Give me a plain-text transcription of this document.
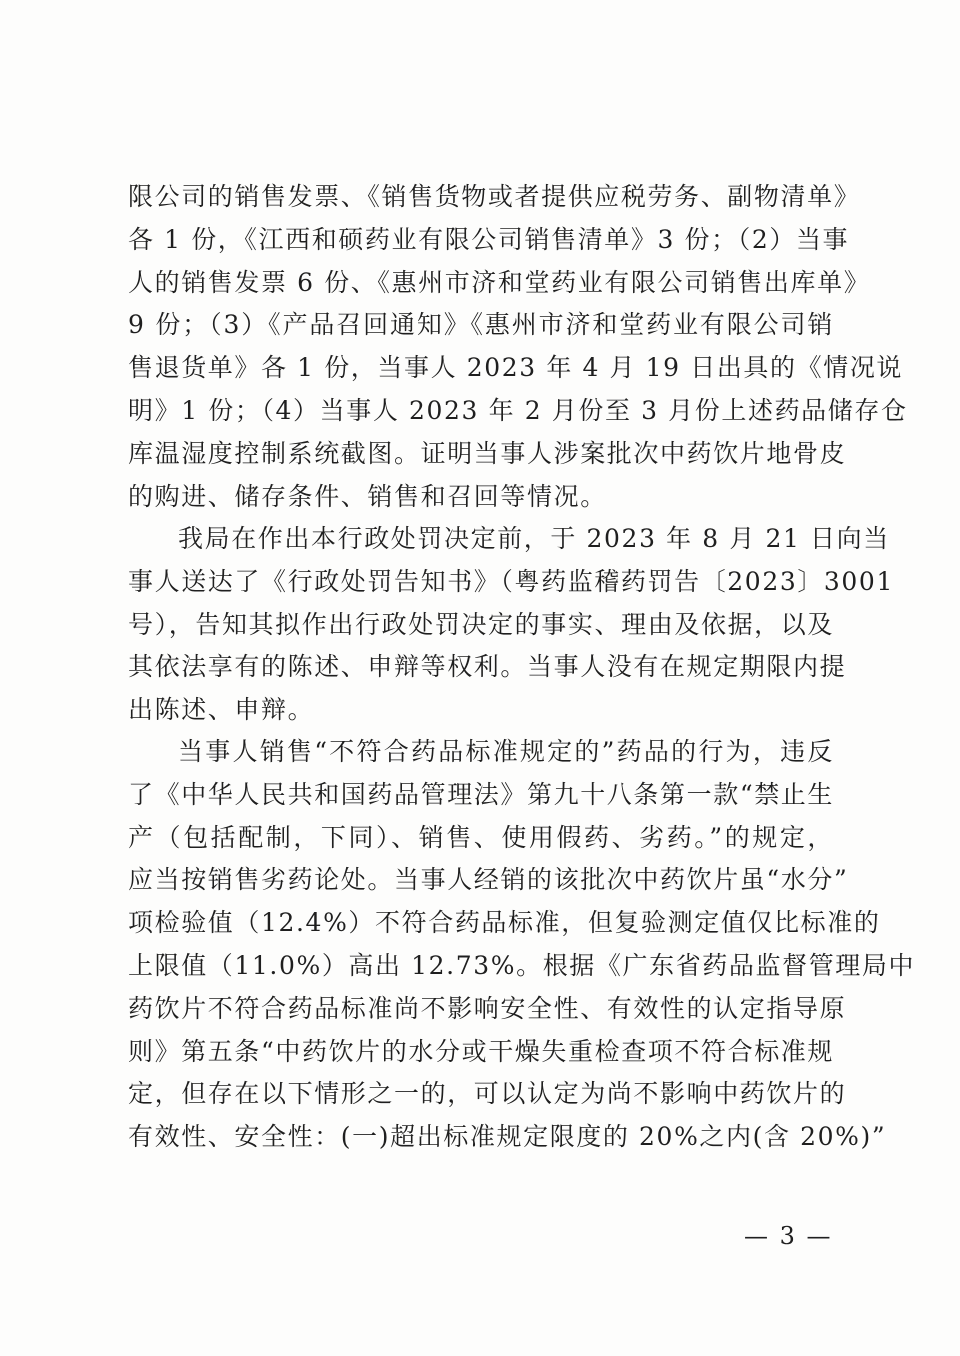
限公司的销售发票、《销售货物或者提供应税劳务、副物清单》
各 1 份，《江西和硕药业有限公司销售清单》3 份；（2）当事
人的销售发票 6 份、《惠州市济和堂药业有限公司销售出库单》
9 份；（3）《产品召回通知》《惠州市济和堂药业有限公司销
售退货单》各 1 份，当事人 2023 年 4 月 19 日出具的《情况说
明》1 份；（4）当事人 2023 年 2 月份至 3 月份上述药品储存仓
库温湿度控制系统截图。证明当事人涉案批次中药饮片地骨皮
的购进、储存条件、销售和召回等情况。
我局在作出本行政处罚决定前，于 2023 年 8 月 21 日向当
事人送达了《行政处罚告知书》（粤药监稽药罚告〔2023〕3001
号），告知其拟作出行政处罚决定的事实、理由及依据，以及
其依法享有的陈述、申辩等权利。当事人没有在规定期限内提
出陈述、申辩。
当事人销售“不符合药品标准规定的”药品的行为，违反
了《中华人民共和国药品管理法》第九十八条第一款“禁止生
产（包括配制，下同）、销售、使用假药、劣药。”的规定，
应当按销售劣药论处。当事人经销的该批次中药饮片虽“水分”
项检验值（12.4%）不符合药品标准，但复验测定值仅比标准的
上限值（11.0%）高出 12.73%。根据《广东省药品监督管理局中
药饮片不符合药品标准尚不影响安全性、有效性的认定指导原
则》第五条“中药饮片的水分或干燥失重检查项不符合标准规
定，但存在以下情形之一的，可以认定为尚不影响中药饮片的
有效性、安全性：(一)超出标准规定限度的 20%之内(含 20%)”
— 3 —
